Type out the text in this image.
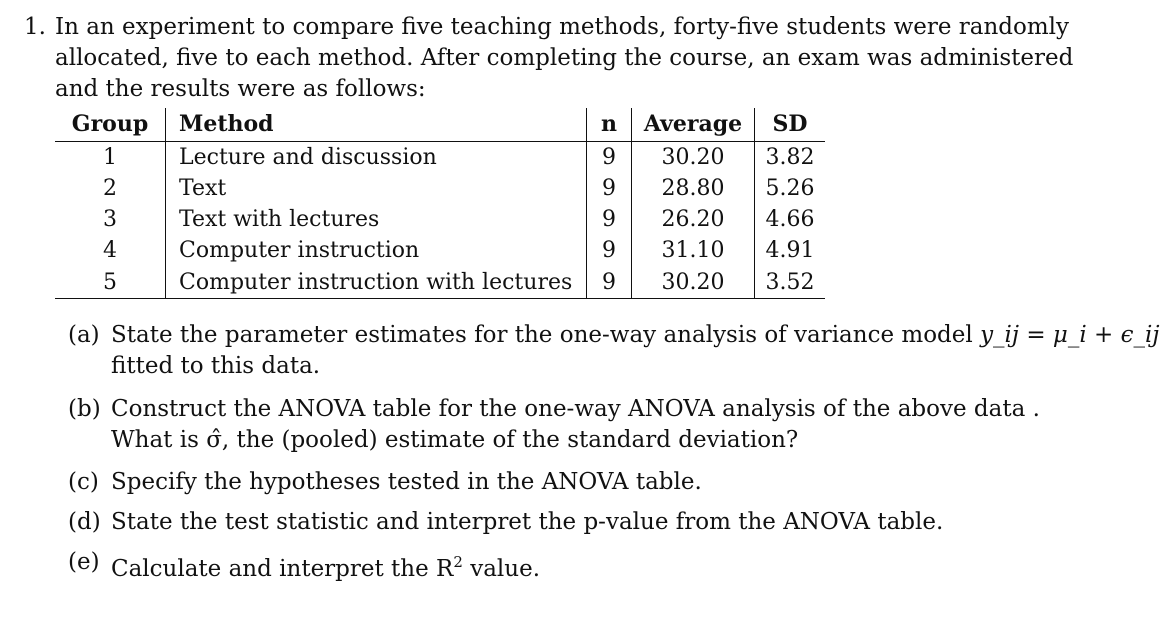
1. In an experiment to compare five teaching methods, forty-five students were randomly
allocated, five to each method. After completing the course, an exam was administered
and the results were as follows:
Group	Method	n	Average	SD
1	Lecture and discussion	9	30.20	3.82
2	Text	9	28.80	5.26
3	Text with lectures	9	26.20	4.66
4	Computer instruction	9	31.10	4.91
5	Computer instruction with lectures	9	30.20	3.52
(a) State the parameter estimates for the one-way analysis of variance model y_ij = μ_i + ϵ_ij
fitted to this data.
(b) Construct the ANOVA table for the one-way ANOVA analysis of the above data .
What is σ̂, the (pooled) estimate of the standard deviation?
(c) Specify the hypotheses tested in the ANOVA table.
(d) State the test statistic and interpret the p-value from the ANOVA table.
(e) Calculate and interpret the $R^2$ value.
